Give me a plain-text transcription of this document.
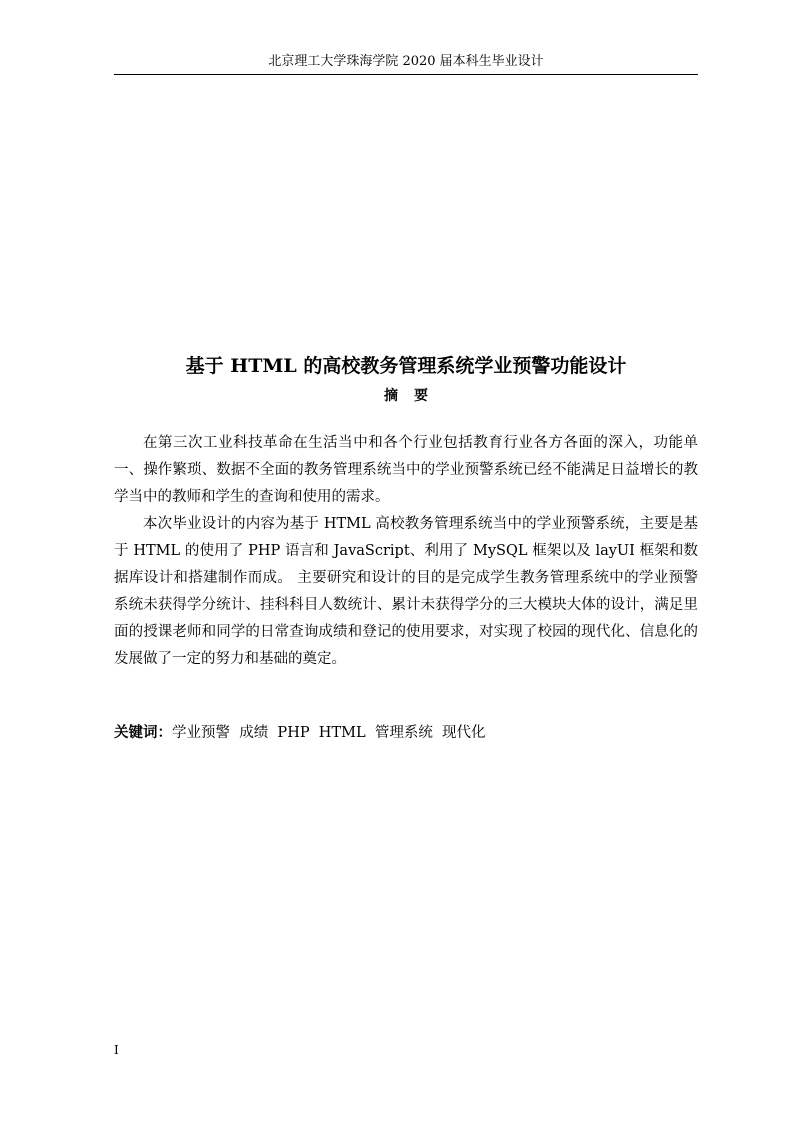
北京理工大学珠海学院 2020 届本科生毕业设计
基于 HTML 的高校教务管理系统学业预警功能设计
摘要

在第三次工业科技革命在生活当中和各个行业包括教育行业各方各面的深入，功能单一、操作繁琐、数据不全面的教务管理系统当中的学业预警系统已经不能满足日益增长的教学当中的教师和学生的查询和使用的需求。

本次毕业设计的内容为基于 HTML 高校教务管理系统当中的学业预警系统，主要是基于 HTML 的使用了 PHP 语言和 JavaScript、利用了 MySQL 框架以及 layUI 框架和数据库设计和搭建制作而成。 主要研究和设计的目的是完成学生教务管理系统中的学业预警系统未获得学分统计、挂科科目人数统计、累计未获得学分的三大模块大体的设计，满足里面的授课老师和同学的日常查询成绩和登记的使用要求，对实现了校园的现代化、信息化的发展做了一定的努力和基础的奠定。

关键词：学业预警  成绩  PHP  HTML  管理系统  现代化
I
